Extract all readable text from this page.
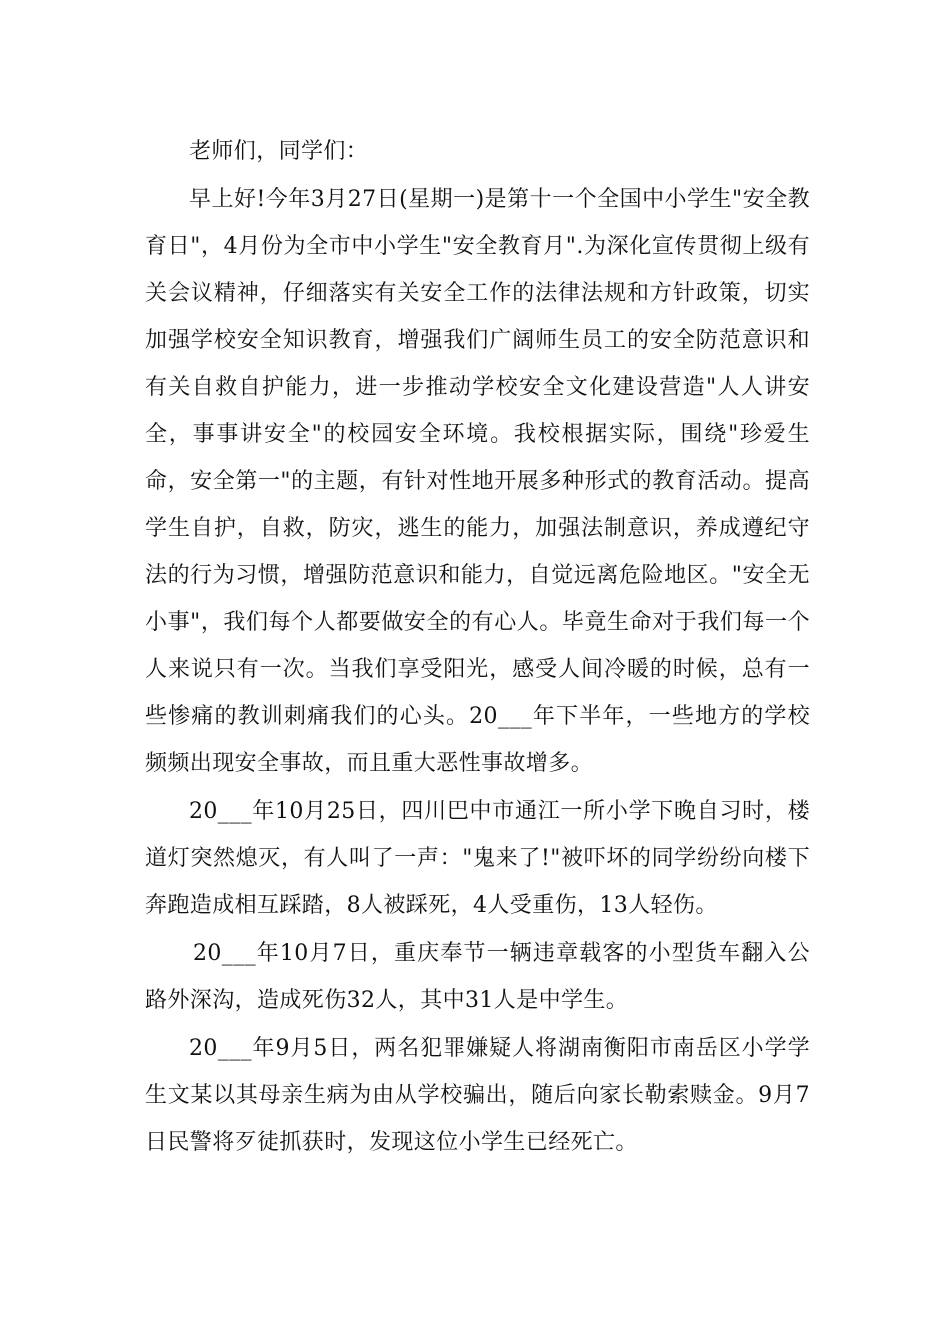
老师们，同学们：

早上好!今年3月27日(星期一)是第十一个全国中小学生"安全教育日"，4月份为全市中小学生"安全教育月".为深化宣传贯彻上级有关会议精神，仔细落实有关安全工作的法律法规和方针政策，切实加强学校安全知识教育，增强我们广阔师生员工的安全防范意识和有关自救自护能力，进一步推动学校安全文化建设营造"人人讲安全，事事讲安全"的校园安全环境。我校根据实际，围绕"珍爱生命，安全第一"的主题，有针对性地开展多种形式的教育活动。提高学生自护，自救，防灾，逃生的能力，加强法制意识，养成遵纪守法的行为习惯，增强防范意识和能力，自觉远离危险地区。"安全无小事"，我们每个人都要做安全的有心人。毕竟生命对于我们每一个人来说只有一次。当我们享受阳光，感受人间冷暖的时候，总有一些惨痛的教训刺痛我们的心头。20___年下半年，一些地方的学校频频出现安全事故，而且重大恶性事故增多。

20___年10月25日，四川巴中市通江一所小学下晚自习时，楼道灯突然熄灭，有人叫了一声："鬼来了!"被吓坏的同学纷纷向楼下奔跑造成相互踩踏，8人被踩死，4人受重伤，13人轻伤。

20___年10月7日，重庆奉节一辆违章载客的小型货车翻入公路外深沟，造成死伤32人，其中31人是中学生。

20___年9月5日，两名犯罪嫌疑人将湖南衡阳市南岳区小学学生文某以其母亲生病为由从学校骗出，随后向家长勒索赎金。9月7日民警将歹徒抓获时，发现这位小学生已经死亡。
